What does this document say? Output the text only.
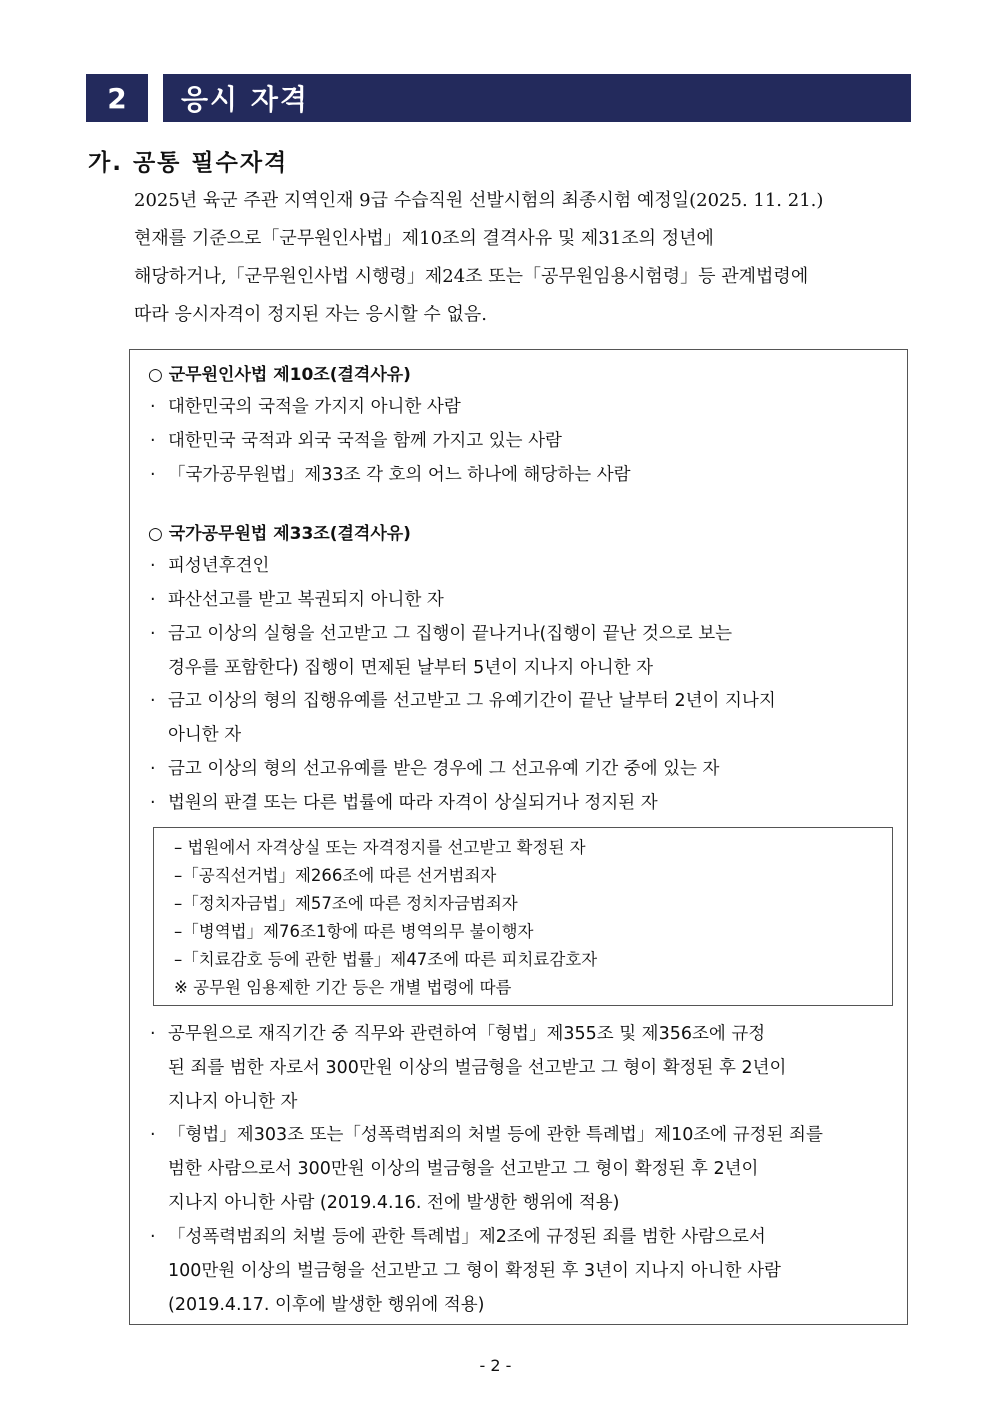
2	응시 자격
가. 공통 필수자격
2025년 육군 주관 지역인재 9급 수습직원 선발시험의 최종시험 예정일(2025. 11. 21.)
현재를 기준으로「군무원인사법」제10조의 결격사유 및 제31조의 정년에
해당하거나,「군무원인사법 시행령」제24조 또는「공무원임용시험령」등 관계법령에
따라 응시자격이 정지된 자는 응시할 수 없음.
○ 군무원인사법 제10조(결격사유)
· 대한민국의 국적을 가지지 아니한 사람
· 대한민국 국적과 외국 국적을 함께 가지고 있는 사람
· 「국가공무원법」제33조 각 호의 어느 하나에 해당하는 사람
○ 국가공무원법 제33조(결격사유)
· 피성년후견인
· 파산선고를 받고 복권되지 아니한 자
· 금고 이상의 실형을 선고받고 그 집행이 끝나거나(집행이 끝난 것으로 보는
경우를 포함한다) 집행이 면제된 날부터 5년이 지나지 아니한 자
· 금고 이상의 형의 집행유예를 선고받고 그 유예기간이 끝난 날부터 2년이 지나지
아니한 자
· 금고 이상의 형의 선고유예를 받은 경우에 그 선고유예 기간 중에 있는 자
· 법원의 판결 또는 다른 법률에 따라 자격이 상실되거나 정지된 자
– 법원에서 자격상실 또는 자격정지를 선고받고 확정된 자
–「공직선거법」제266조에 따른 선거범죄자
–「정치자금법」제57조에 따른 정치자금범죄자
–「병역법」제76조1항에 따른 병역의무 불이행자
–「치료감호 등에 관한 법률」제47조에 따른 피치료감호자
※ 공무원 임용제한 기간 등은 개별 법령에 따름
· 공무원으로 재직기간 중 직무와 관련하여「형법」제355조 및 제356조에 규정
된 죄를 범한 자로서 300만원 이상의 벌금형을 선고받고 그 형이 확정된 후 2년이
지나지 아니한 자
· 「형법」제303조 또는「성폭력범죄의 처벌 등에 관한 특례법」제10조에 규정된 죄를
범한 사람으로서 300만원 이상의 벌금형을 선고받고 그 형이 확정된 후 2년이
지나지 아니한 사람 (2019.4.16. 전에 발생한 행위에 적용)
· 「성폭력범죄의 처벌 등에 관한 특례법」제2조에 규정된 죄를 범한 사람으로서
100만원 이상의 벌금형을 선고받고 그 형이 확정된 후 3년이 지나지 아니한 사람
(2019.4.17. 이후에 발생한 행위에 적용)
- 2 -
